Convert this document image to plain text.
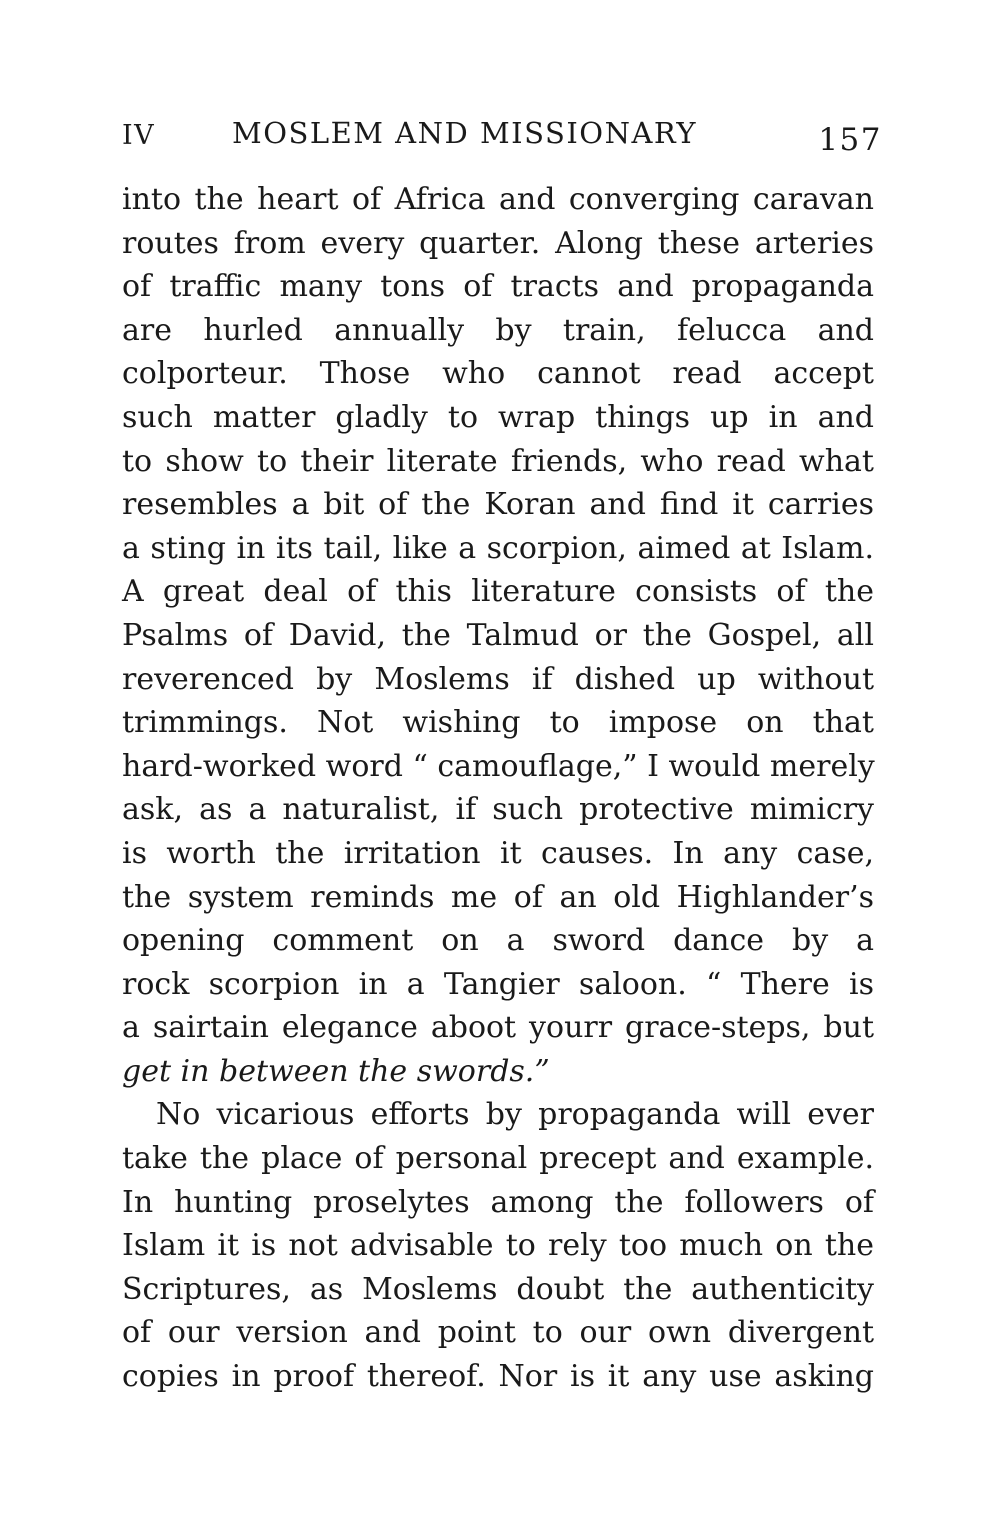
IV	MOSLEM AND MISSIONARY	157
into the heart of Africa and converging caravan
routes from every quarter. Along these arteries
of traffic many tons of tracts and propaganda
are hurled annually by train, felucca and
colporteur. Those who cannot read accept
such matter gladly to wrap things up in and
to show to their literate friends, who read what
resembles a bit of the Koran and find it carries
a sting in its tail, like a scorpion, aimed at Islam.
A great deal of this literature consists of the
Psalms of David, the Talmud or the Gospel, all
reverenced by Moslems if dished up without
trimmings. Not wishing to impose on that
hard-worked word “ camouflage,” I would merely
ask, as a naturalist, if such protective mimicry
is worth the irritation it causes. In any case,
the system reminds me of an old Highlander’s
opening comment on a sword dance by a
rock scorpion in a Tangier saloon. “ There is
a sairtain elegance aboot yourr grace-steps, but
get in between the swords.”
No vicarious efforts by propaganda will ever
take the place of personal precept and example.
In hunting proselytes among the followers of
Islam it is not advisable to rely too much on the
Scriptures, as Moslems doubt the authenticity
of our version and point to our own divergent
copies in proof thereof. Nor is it any use asking
